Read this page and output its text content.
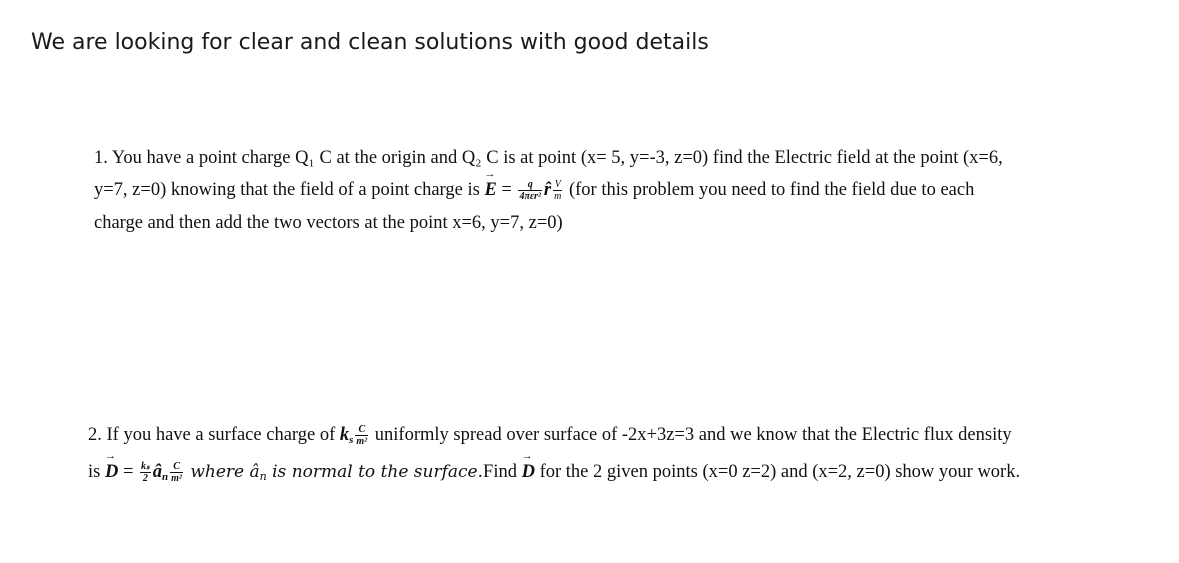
We are looking for clear and clean solutions with good details
1. You have a point charge Q₁ C at the origin and Q₂ C is at point (x= 5, y=-3, z=0) find the Electric field at the point (x=6,
y=7, z=0) knowing that the field of a point charge is → $E = \frac{q}{\text{4πεr²}}$ r̂ $\frac{V}{m} (for$ this problem you need to find the field due to each
charge and then add the two vectors at the point x=6, y=7, z=0)
2. If you have a surface charge of $k_s \frac{C}{\text{m²}}$ uniformly spread over surface of -2x+3z=3 and we know that the Electric flux density
is → $D = \frac{\text{kₛ}}{2}$ $â_n \frac{C}{\text{m²}}$ where $â_n$ is normal to the surface.Find → D for the 2 given points (x=0 z=2) and (x=2, z=0) show your work.
